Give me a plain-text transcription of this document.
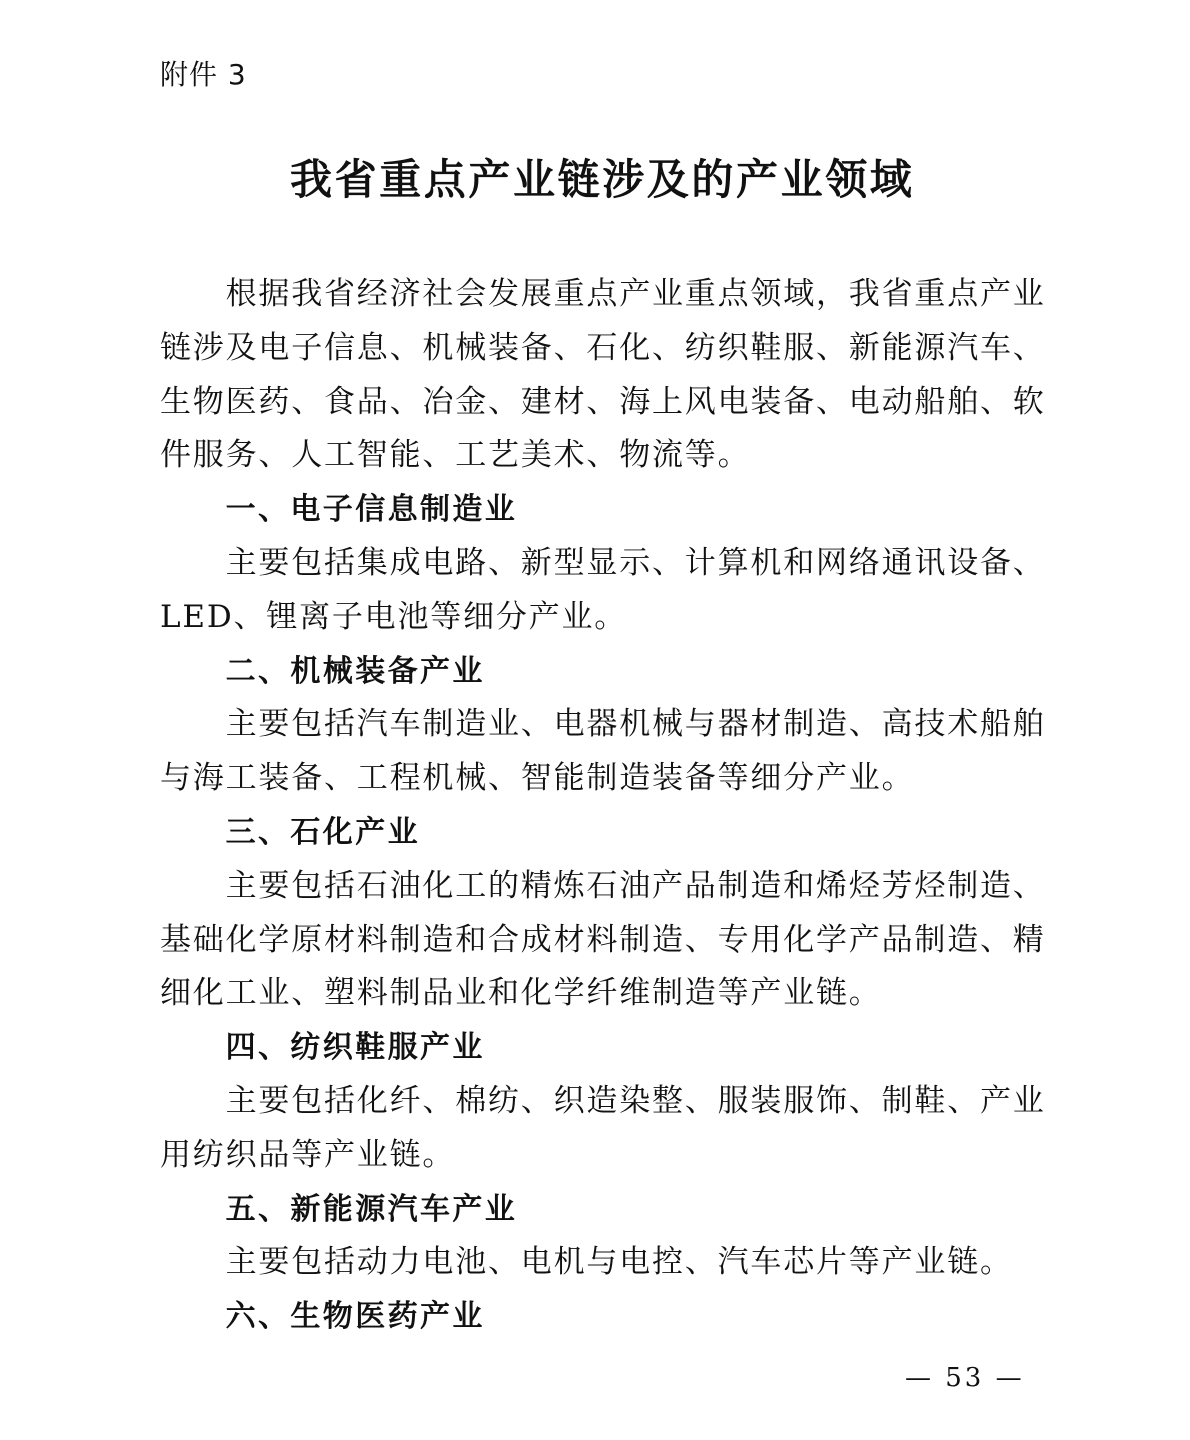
附件 3
我省重点产业链涉及的产业领域
根据我省经济社会发展重点产业重点领域，我省重点产业
链涉及电子信息、机械装备、石化、纺织鞋服、新能源汽车、
生物医药、食品、冶金、建材、海上风电装备、电动船舶、软
件服务、人工智能、工艺美术、物流等。
一、电子信息制造业
主要包括集成电路、新型显示、计算机和网络通讯设备、
LED、锂离子电池等细分产业。
二、机械装备产业
主要包括汽车制造业、电器机械与器材制造、高技术船舶
与海工装备、工程机械、智能制造装备等细分产业。
三、石化产业
主要包括石油化工的精炼石油产品制造和烯烃芳烃制造、
基础化学原材料制造和合成材料制造、专用化学产品制造、精
细化工业、塑料制品业和化学纤维制造等产业链。
四、纺织鞋服产业
主要包括化纤、棉纺、织造染整、服装服饰、制鞋、产业
用纺织品等产业链。
五、新能源汽车产业
主要包括动力电池、电机与电控、汽车芯片等产业链。
六、生物医药产业
— 53 —
